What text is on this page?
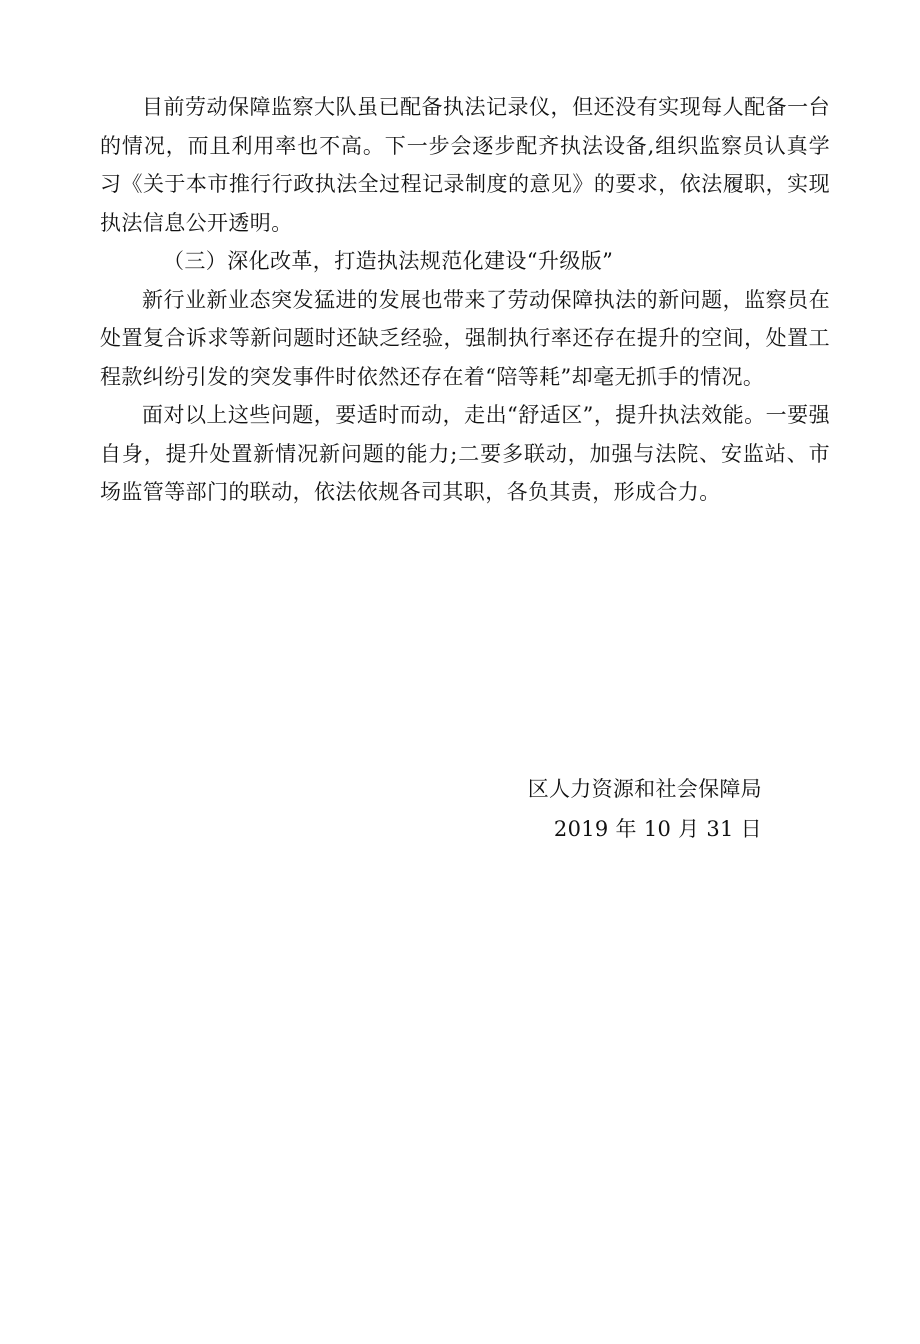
目前劳动保障监察大队虽已配备执法记录仪，但还没有实现每人配备一台的情况，而且利用率也不高。下一步会逐步配齐执法设备,组织监察员认真学习《关于本市推行行政执法全过程记录制度的意见》的要求，依法履职，实现执法信息公开透明。

（三）深化改革，打造执法规范化建设“升级版”

新行业新业态突发猛进的发展也带来了劳动保障执法的新问题，监察员在处置复合诉求等新问题时还缺乏经验，强制执行率还存在提升的空间，处置工程款纠纷引发的突发事件时依然还存在着“陪等耗”却毫无抓手的情况。

面对以上这些问题，要适时而动，走出“舒适区”，提升执法效能。一要强自身，提升处置新情况新问题的能力;二要多联动，加强与法院、安监站、市场监管等部门的联动，依法依规各司其职，各负其责，形成合力。

区人力资源和社会保障局
2019 年 10 月 31 日
